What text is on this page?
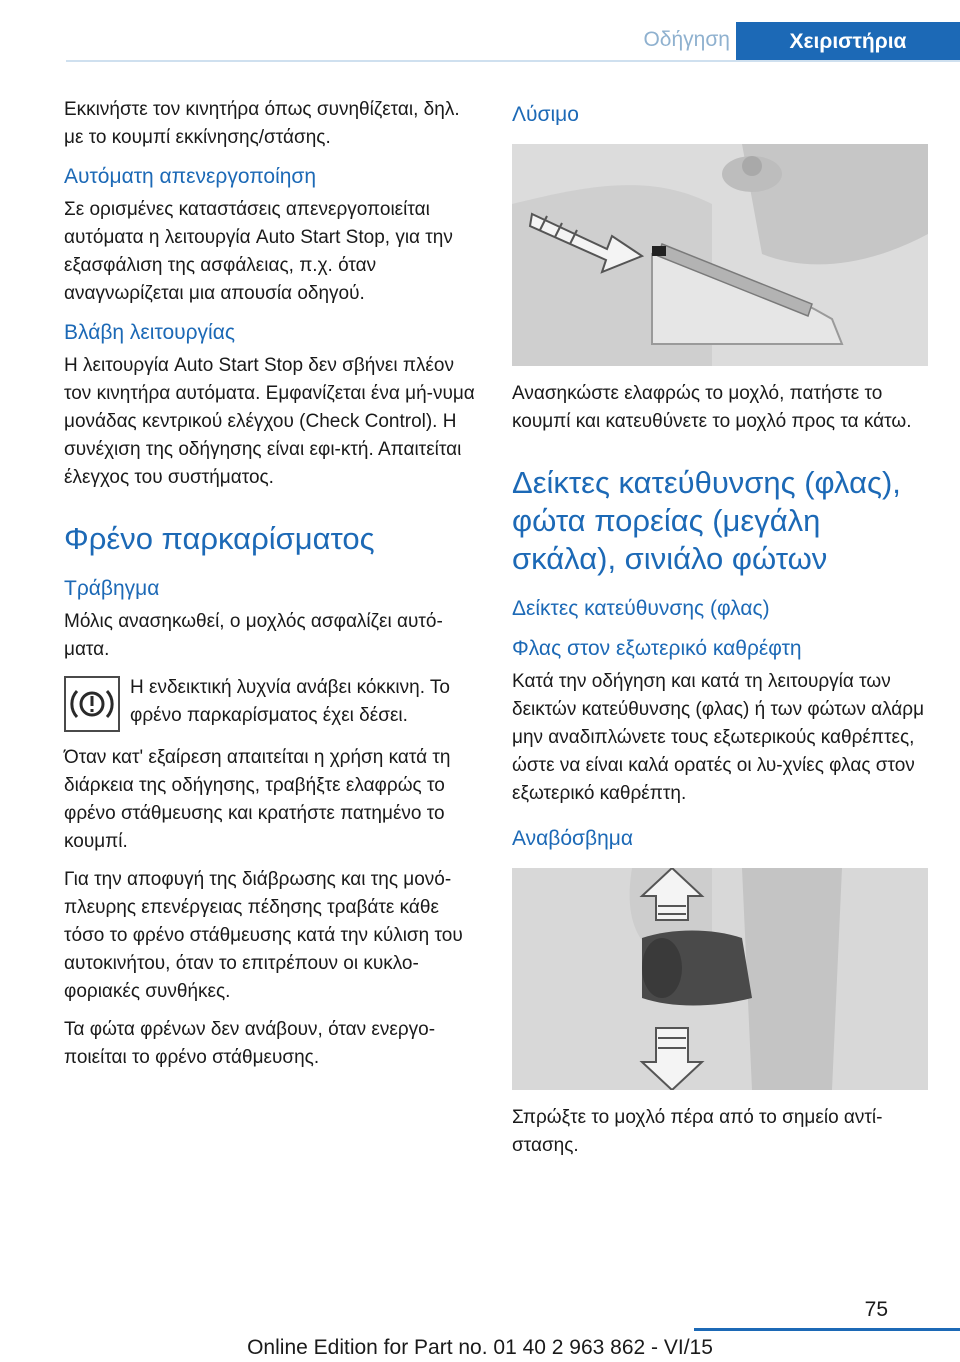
Οδήγηση	Χειριστήρια

Εκκινήστε τον κινητήρα όπως συνηθίζεται, δηλ. με το κουμπί εκκίνησης/στάσης.

Αυτόματη απενεργοποίηση

Σε ορισμένες καταστάσεις απενεργοποιείται αυτόματα η λειτουργία Auto Start Stop, για την εξασφάλιση της ασφάλειας, π.χ. όταν αναγνωρίζεται μια απουσία οδηγού.

Βλάβη λειτουργίας

Η λειτουργία Auto Start Stop δεν σβήνει πλέον τον κινητήρα αυτόματα. Εμφανίζεται ένα μή-νυμα μονάδας κεντρικού ελέγχου (Check Control). Η συνέχιση της οδήγησης είναι εφι-κτή. Απαιτείται έλεγχος του συστήματος.

Φρένο παρκαρίσματος
Τράβηγμα

Μόλις ανασηκωθεί, ο μοχλός ασφαλίζει αυτό-ματα.

Η ενδεικτική λυχνία ανάβει κόκκινη. Το φρένο παρκαρίσματος έχει δέσει.

Όταν κατ' εξαίρεση απαιτείται η χρήση κατά τη διάρκεια της οδήγησης, τραβήξτε ελαφρώς το φρένο στάθμευσης και κρατήστε πατημένο το κουμπί.

Για την αποφυγή της διάβρωσης και της μονό-πλευρης επενέργειας πέδησης τραβάτε κάθε τόσο το φρένο στάθμευσης κατά την κύλιση του αυτοκινήτου, όταν το επιτρέπουν οι κυκλο-φοριακές συνθήκες.

Τα φώτα φρένων δεν ανάβουν, όταν ενεργο-ποιείται το φρένο στάθμευσης.

Λύσιμο

Ανασηκώστε ελαφρώς το μοχλό, πατήστε το κουμπί και κατευθύνετε το μοχλό προς τα κάτω.

Δείκτες κατεύθυνσης (φλας), φώτα πορείας (μεγάλη σκάλα), σινιάλο φώτων
Δείκτες κατεύθυνσης (φλας)
Φλας στον εξωτερικό καθρέφτη

Κατά την οδήγηση και κατά τη λειτουργία των δεικτών κατεύθυνσης (φλας) ή των φώτων αλάρμ μην αναδιπλώνετε τους εξωτερικούς καθρέπτες, ώστε να είναι καλά ορατές οι λυ-χνίες φλας στον εξωτερικό καθρέπτη.

Αναβόσβημα

Σπρώξτε το μοχλό πέρα από το σημείο αντί-στασης.

75
Online Edition for Part no. 01 40 2 963 862 - VI/15
